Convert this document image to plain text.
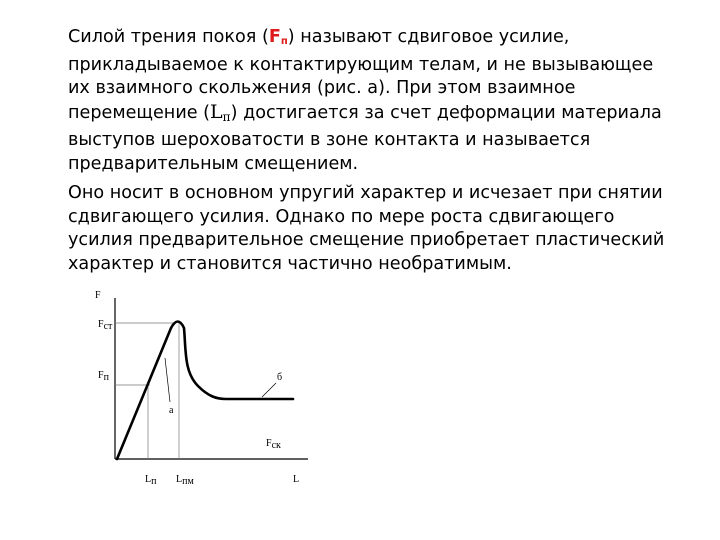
Силой трения покоя $(F_п)$ называют сдвиговое усилие, прикладываемое к контактирующим телам, и не вызывающее их взаимного скольжения (рис. а). При этом взаимное перемещение (Lп) достигается за счет деформации материала выступов шероховатости в зоне контакта и называется предварительным смещением.

Оно носит в основном упругий характер и исчезает при снятии сдвигающего усилия. Однако по мере роста сдвигающего усилия предварительное смещение приобретает пластический характер и становится частично необратимым.

F
L
Fст
Fп
Fск
Lп Lпм
а
б
